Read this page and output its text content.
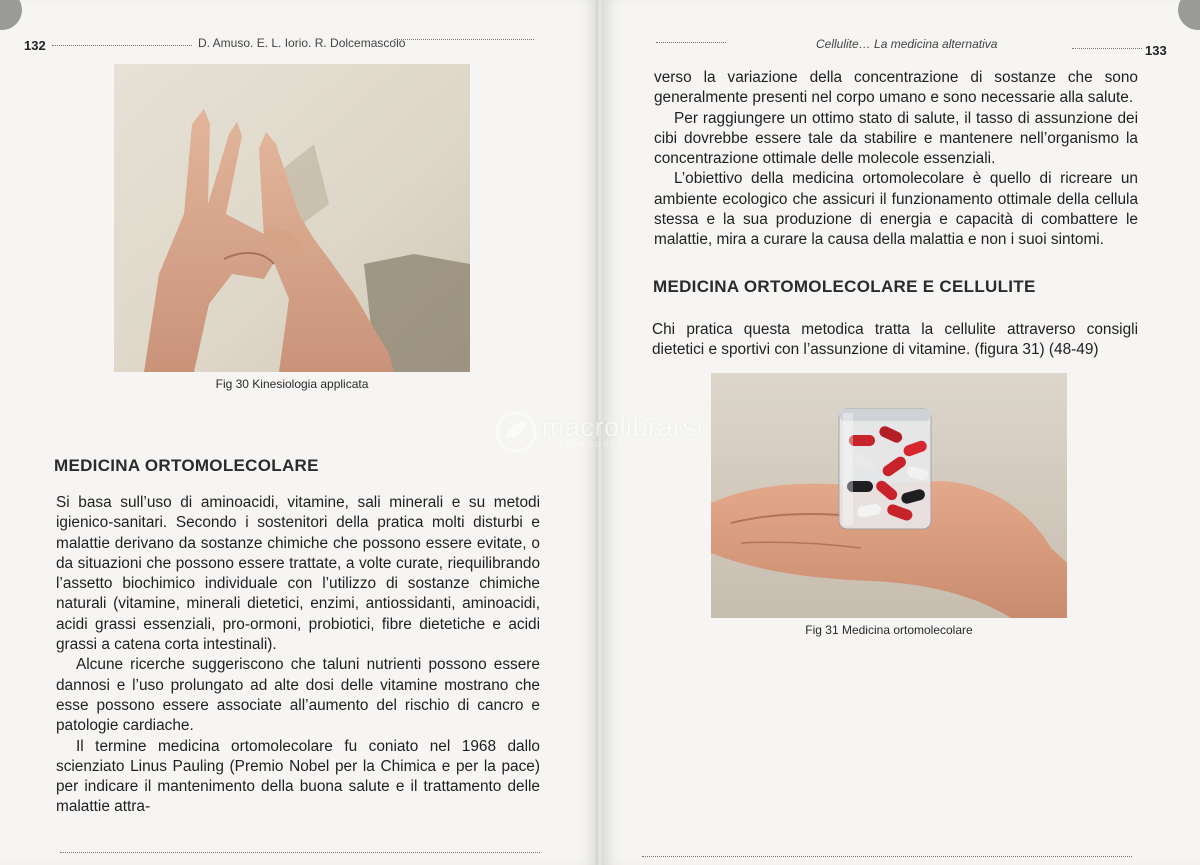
132	D. Amuso. E. L. Iorio. R. Dolcemascolo
Fig 30 Kinesiologia applicata
MEDICINA ORTOMOLECOLARE

Si basa sull’uso di aminoacidi, vitamine, sali minerali e su metodi igienico-sanitari. Secondo i sostenitori della pratica molti disturbi e malattie derivano da sostanze chimiche che possono essere evitate, o da situazioni che possono essere trattate, a volte curate, riequilibrando l’assetto biochimico individuale con l’utilizzo di sostanze chimiche naturali (vitamine, minerali dietetici, enzimi, antiossidanti, aminoacidi, acidi grassi essenziali, pro-ormoni, probiotici, fibre dietetiche e acidi grassi a catena corta intestinali).

Alcune ricerche suggeriscono che taluni nutrienti possono essere dannosi e l’uso prolungato ad alte dosi delle vitamine mostrano che esse possono essere associate all’aumento del rischio di cancro e patologie cardiache.

Il termine medicina ortomolecolare fu coniato nel 1968 dallo scienziato Linus Pauling (Premio Nobel per la Chimica e per la pace) per indicare il mantenimento della buona salute e il trattamento delle malattie attra-

Cellulite… La medicina alternativa	133

verso la variazione della concentrazione di sostanze che sono generalmente presenti nel corpo umano e sono necessarie alla salute.

Per raggiungere un ottimo stato di salute, il tasso di assunzione dei cibi dovrebbe essere tale da stabilire e mantenere nell’organismo la concentrazione ottimale delle molecole essenziali.

L’obiettivo della medicina ortomolecolare è quello di ricreare un ambiente ecologico che assicuri il funzionamento ottimale della cellula stessa e la sua produzione di energia e capacità di combattere le malattie, mira a curare la causa della malattia e non i suoi sintomi.

MEDICINA ORTOMOLECOLARE E CELLULITE

Chi pratica questa metodica tratta la cellulite attraverso consigli dietetici e sportivi con l’assunzione di vitamine. (figura 31) (48-49)

Fig 31 Medicina ortomolecolare
macrolibrarsi
AUTOPRODOTTO IN ITALIA
